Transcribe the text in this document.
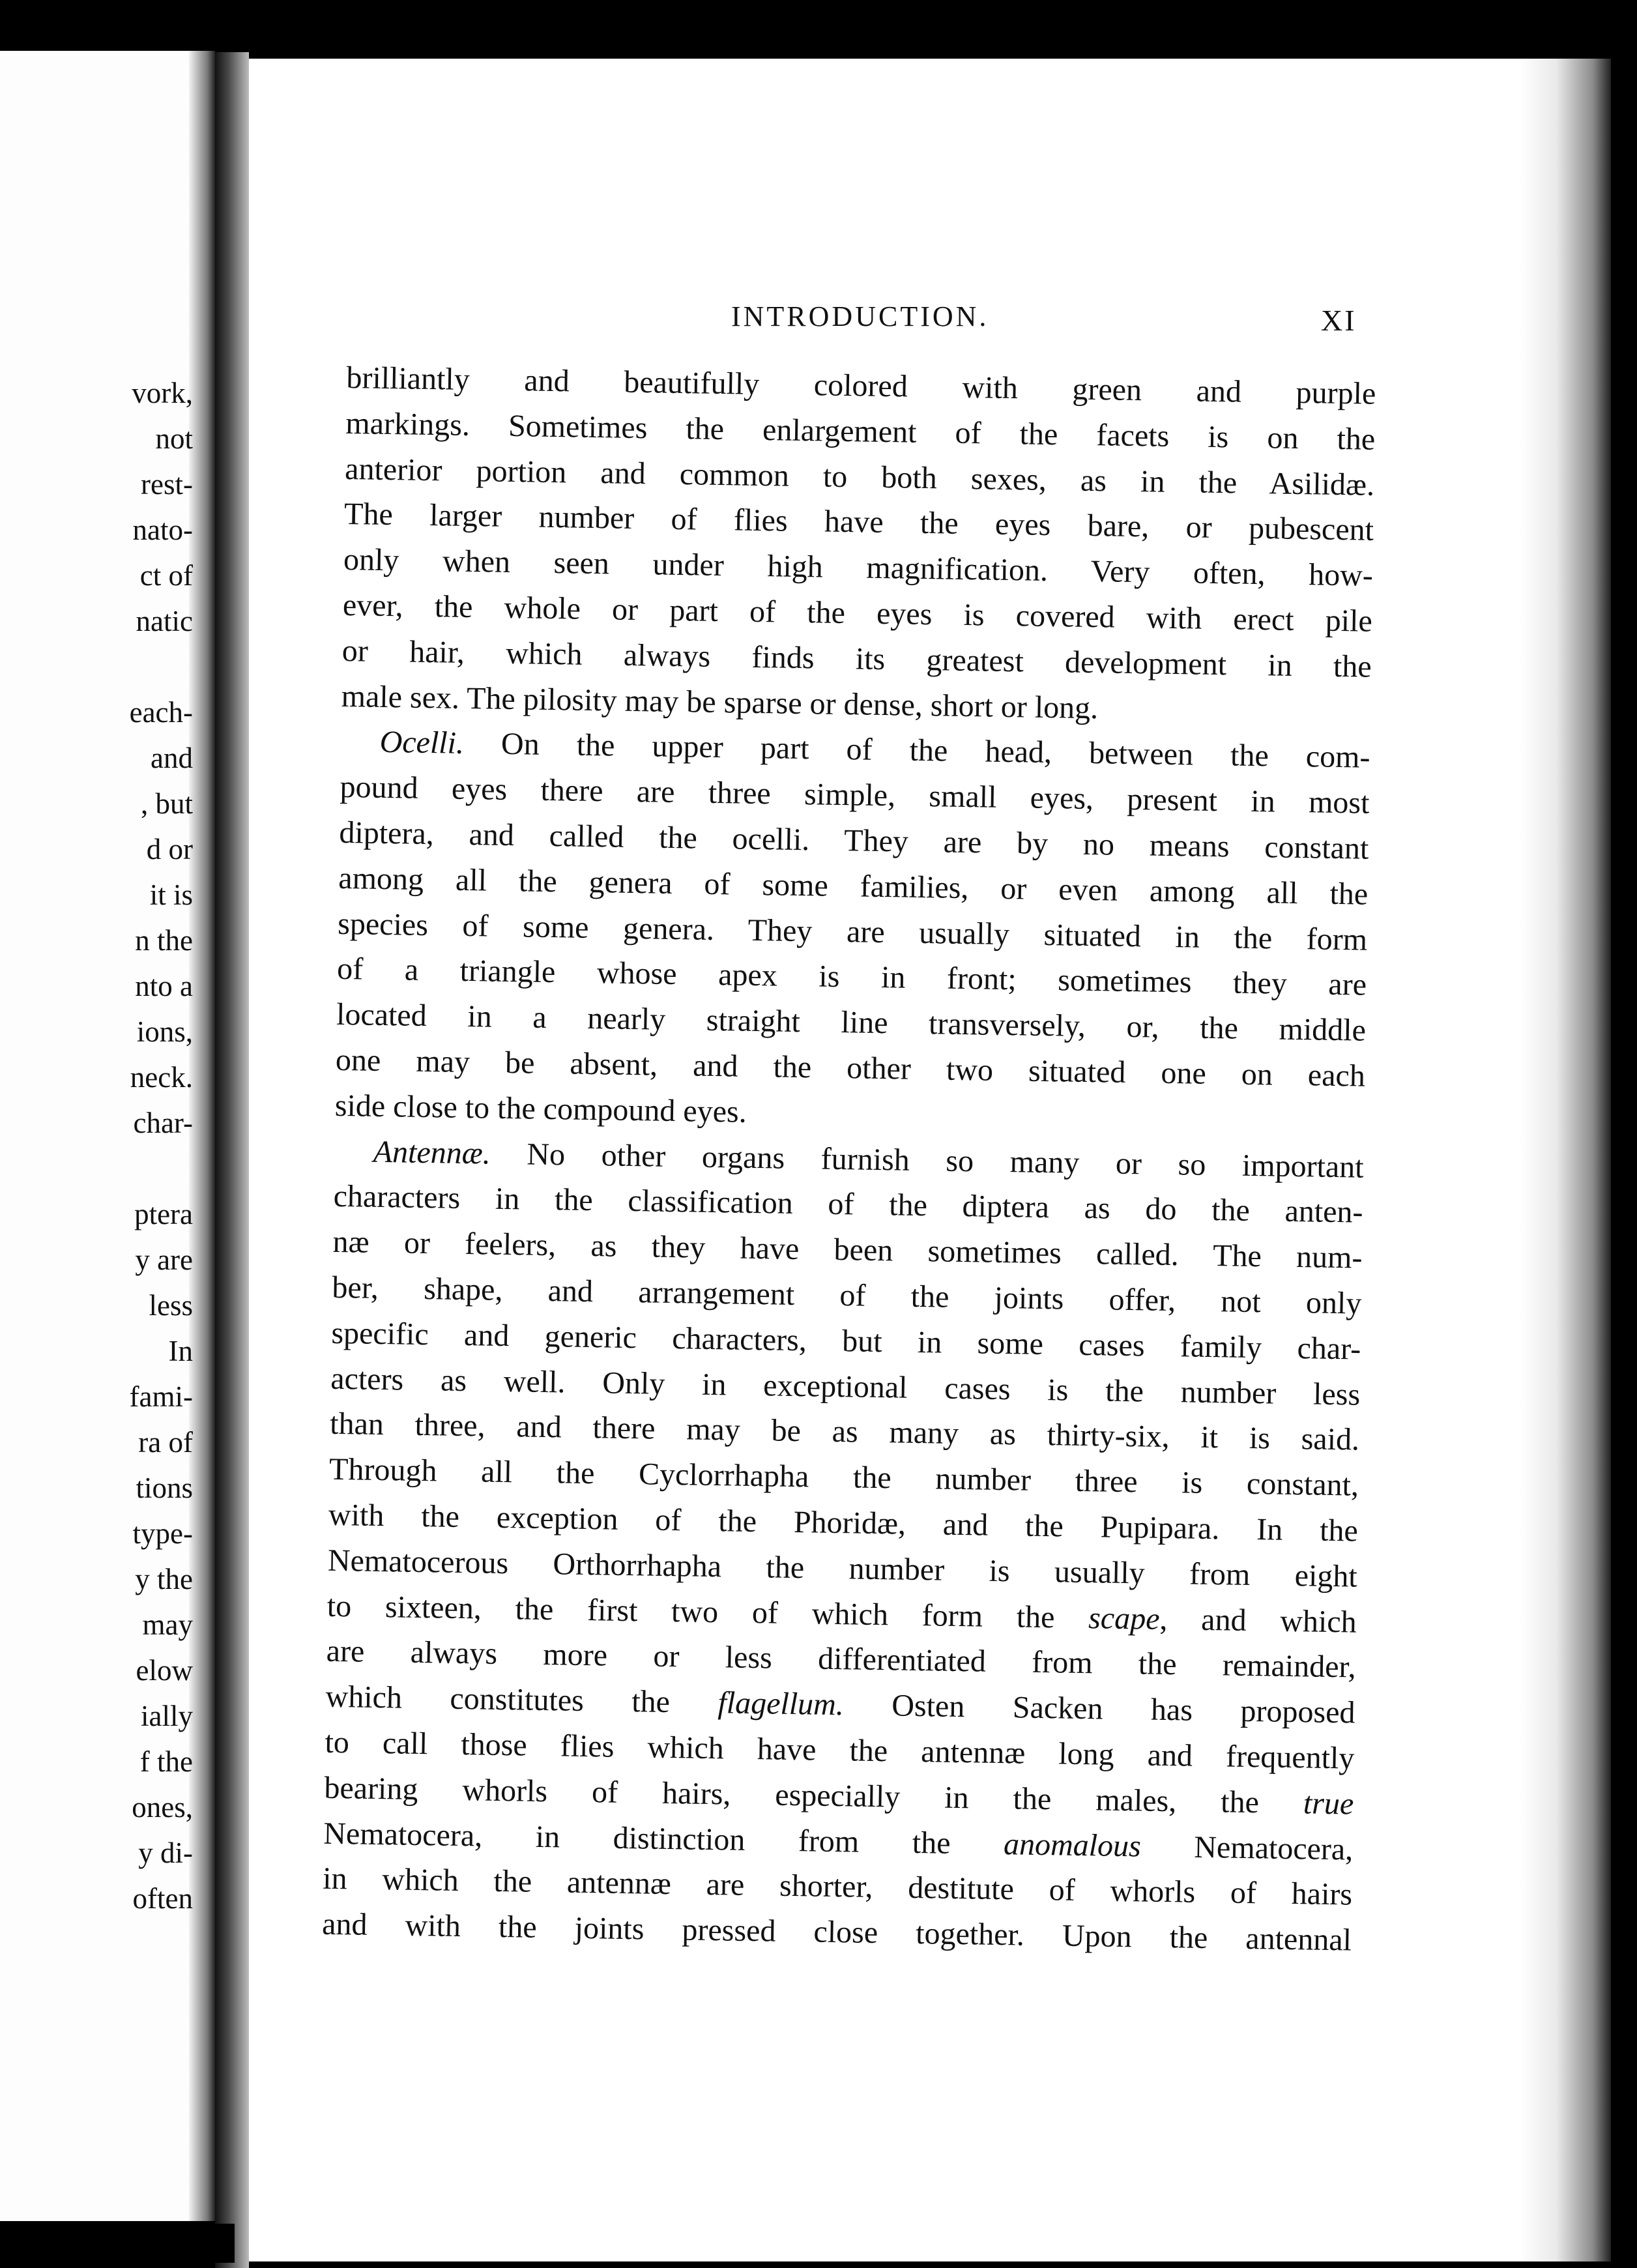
vork,
not
rest-
nato-
ct of
natic

each-
and
, but
d or
it is
n the
nto a
ions,
neck.
char-

ptera
y are
less
In
fami-
ra of
tions
type-
y the
may
elow
ially
f the
ones,
y di-
often
INTRODUCTION.	XI
brilliantly and beautifully colored with green and purple
markings. Sometimes the enlargement of the facets is on the
anterior portion and common to both sexes, as in the Asilidæ.
The larger number of flies have the eyes bare, or pubescent
only when seen under high magnification. Very often, how-
ever, the whole or part of the eyes is covered with erect pile
or hair, which always finds its greatest development in the
male sex. The pilosity may be sparse or dense, short or long.
Ocelli. On the upper part of the head, between the com-
pound eyes there are three simple, small eyes, present in most
diptera, and called the ocelli. They are by no means constant
among all the genera of some families, or even among all the
species of some genera. They are usually situated in the form
of a triangle whose apex is in front; sometimes they are
located in a nearly straight line transversely, or, the middle
one may be absent, and the other two situated one on each
side close to the compound eyes.
Antennæ. No other organs furnish so many or so important
characters in the classification of the diptera as do the anten-
næ or feelers, as they have been sometimes called. The num-
ber, shape, and arrangement of the joints offer, not only
specific and generic characters, but in some cases family char-
acters as well. Only in exceptional cases is the number less
than three, and there may be as many as thirty-six, it is said.
Through all the Cyclorrhapha the number three is constant,
with the exception of the Phoridæ, and the Pupipara. In the
Nematocerous Orthorrhapha the number is usually from eight
to sixteen, the first two of which form the scape, and which
are always more or less differentiated from the remainder,
which constitutes the flagellum. Osten Sacken has proposed
to call those flies which have the antennæ long and frequently
bearing whorls of hairs, especially in the males, the true
Nematocera, in distinction from the anomalous Nematocera,
in which the antennæ are shorter, destitute of whorls of hairs
and with the joints pressed close together. Upon the antennal
